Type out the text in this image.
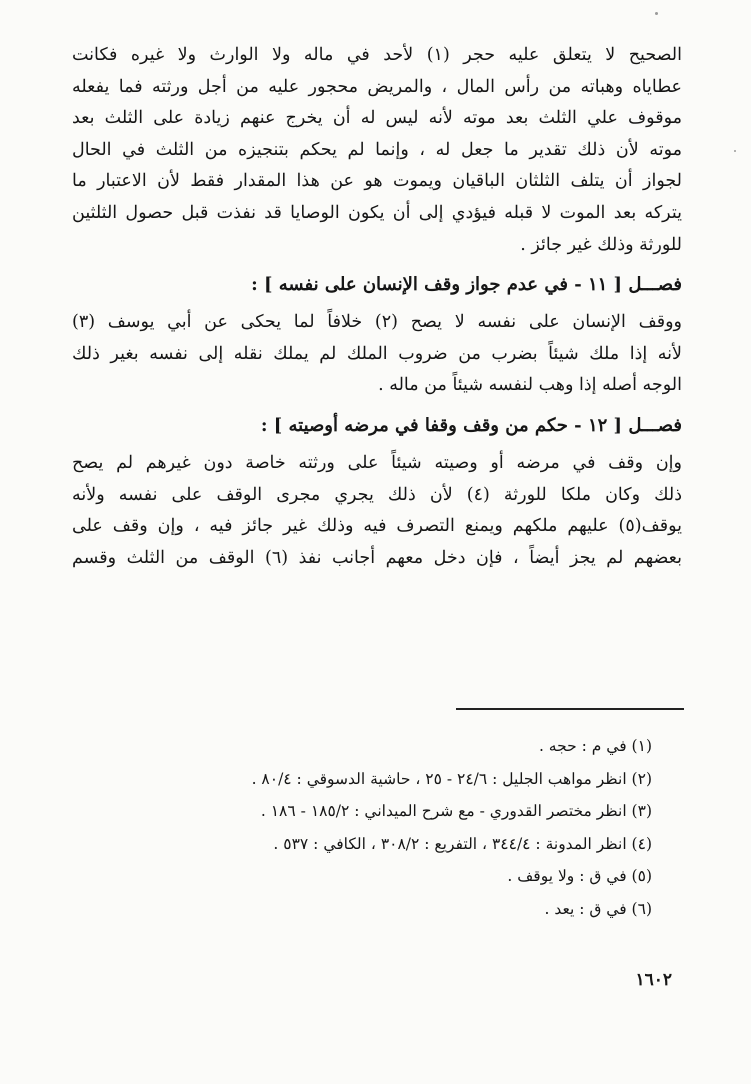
الصحيح لا يتعلق عليه حجر (١) لأحد في ماله ولا الوارث ولا غيره فكانت
عطاياه وهباته من رأس المال ، والمريض محجور عليه من أجل ورثته فما يفعله
موقوف علي الثلث بعد موته لأنه ليس له أن يخرج عنهم زيادة على الثلث بعد
موته لأن ذلك تقدير ما جعل له ، وإنما لم يحكم بتنجيزه من الثلث في الحال
لجواز أن يتلف الثلثان الباقيان ويموت هو عن هذا المقدار فقط لأن الاعتبار ما
يتركه بعد الموت لا قبله فيؤدي إلى أن يكون الوصايا قد نفذت قبل حصول الثلثين
للورثة وذلك غير جائز .

فصـــل [ ١١ - في عدم جواز وقف الإنسان على نفسه ] :

ووقف الإنسان على نفسه لا يصح (٢) خلافاً لما يحكى عن أبي يوسف (٣)
لأنه إذا ملك شيئاً بضرب من ضروب الملك لم يملك نقله إلى نفسه بغير ذلك
الوجه أصله إذا وهب لنفسه شيئاً من ماله .

فصـــل [ ١٢ - حكم من وقف وقفا في مرضه أوصيته ] :

وإن وقف في مرضه أو وصيته شيئاً على ورثته خاصة دون غيرهم لم يصح
ذلك وكان ملكا للورثة (٤) لأن ذلك يجري مجرى الوقف على نفسه ولأنه
يوقف(٥) عليهم ملكهم ويمنع التصرف فيه وذلك غير جائز فيه ، وإن وقف على
بعضهم لم يجز أيضاً ، فإن دخل معهم أجانب نفذ (٦) الوقف من الثلث وقسم

(١) في م : حجه .
(٢) انظر مواهب الجليل : ٢٤/٦ - ٢٥ ، حاشية الدسوقي : ٨٠/٤ .
(٣) انظر مختصر القدوري - مع شرح الميداني : ١٨٥/٢ - ١٨٦ .
(٤) انظر المدونة : ٣٤٤/٤ ، التفريع : ٣٠٨/٢ ، الكافي : ٥٣٧ .
(٥) في ق : ولا يوقف .
(٦) في ق : يعد .
١٦٠٢
